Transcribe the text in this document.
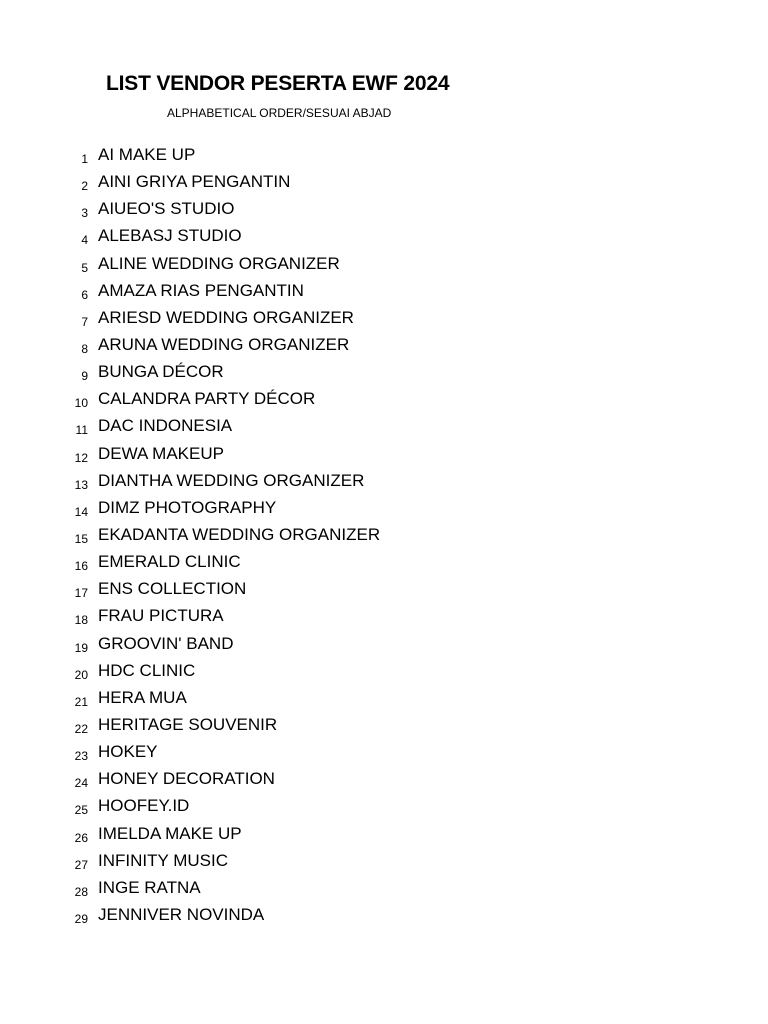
LIST VENDOR PESERTA EWF 2024
ALPHABETICAL ORDER/SESUAI ABJAD
1 AI MAKE UP
2 AINI GRIYA PENGANTIN
3 AIUEO'S STUDIO
4 ALEBASJ STUDIO
5 ALINE WEDDING ORGANIZER
6 AMAZA RIAS PENGANTIN
7 ARIESD WEDDING ORGANIZER
8 ARUNA WEDDING ORGANIZER
9 BUNGA DÉCOR
10 CALANDRA PARTY DÉCOR
11 DAC INDONESIA
12 DEWA MAKEUP
13 DIANTHA WEDDING ORGANIZER
14 DIMZ PHOTOGRAPHY
15 EKADANTA WEDDING ORGANIZER
16 EMERALD CLINIC
17 ENS COLLECTION
18 FRAU PICTURA
19 GROOVIN' BAND
20 HDC CLINIC
21 HERA MUA
22 HERITAGE SOUVENIR
23 HOKEY
24 HONEY DECORATION
25 HOOFEY.ID
26 IMELDA MAKE UP
27 INFINITY MUSIC
28 INGE RATNA
29 JENNIVER NOVINDA
